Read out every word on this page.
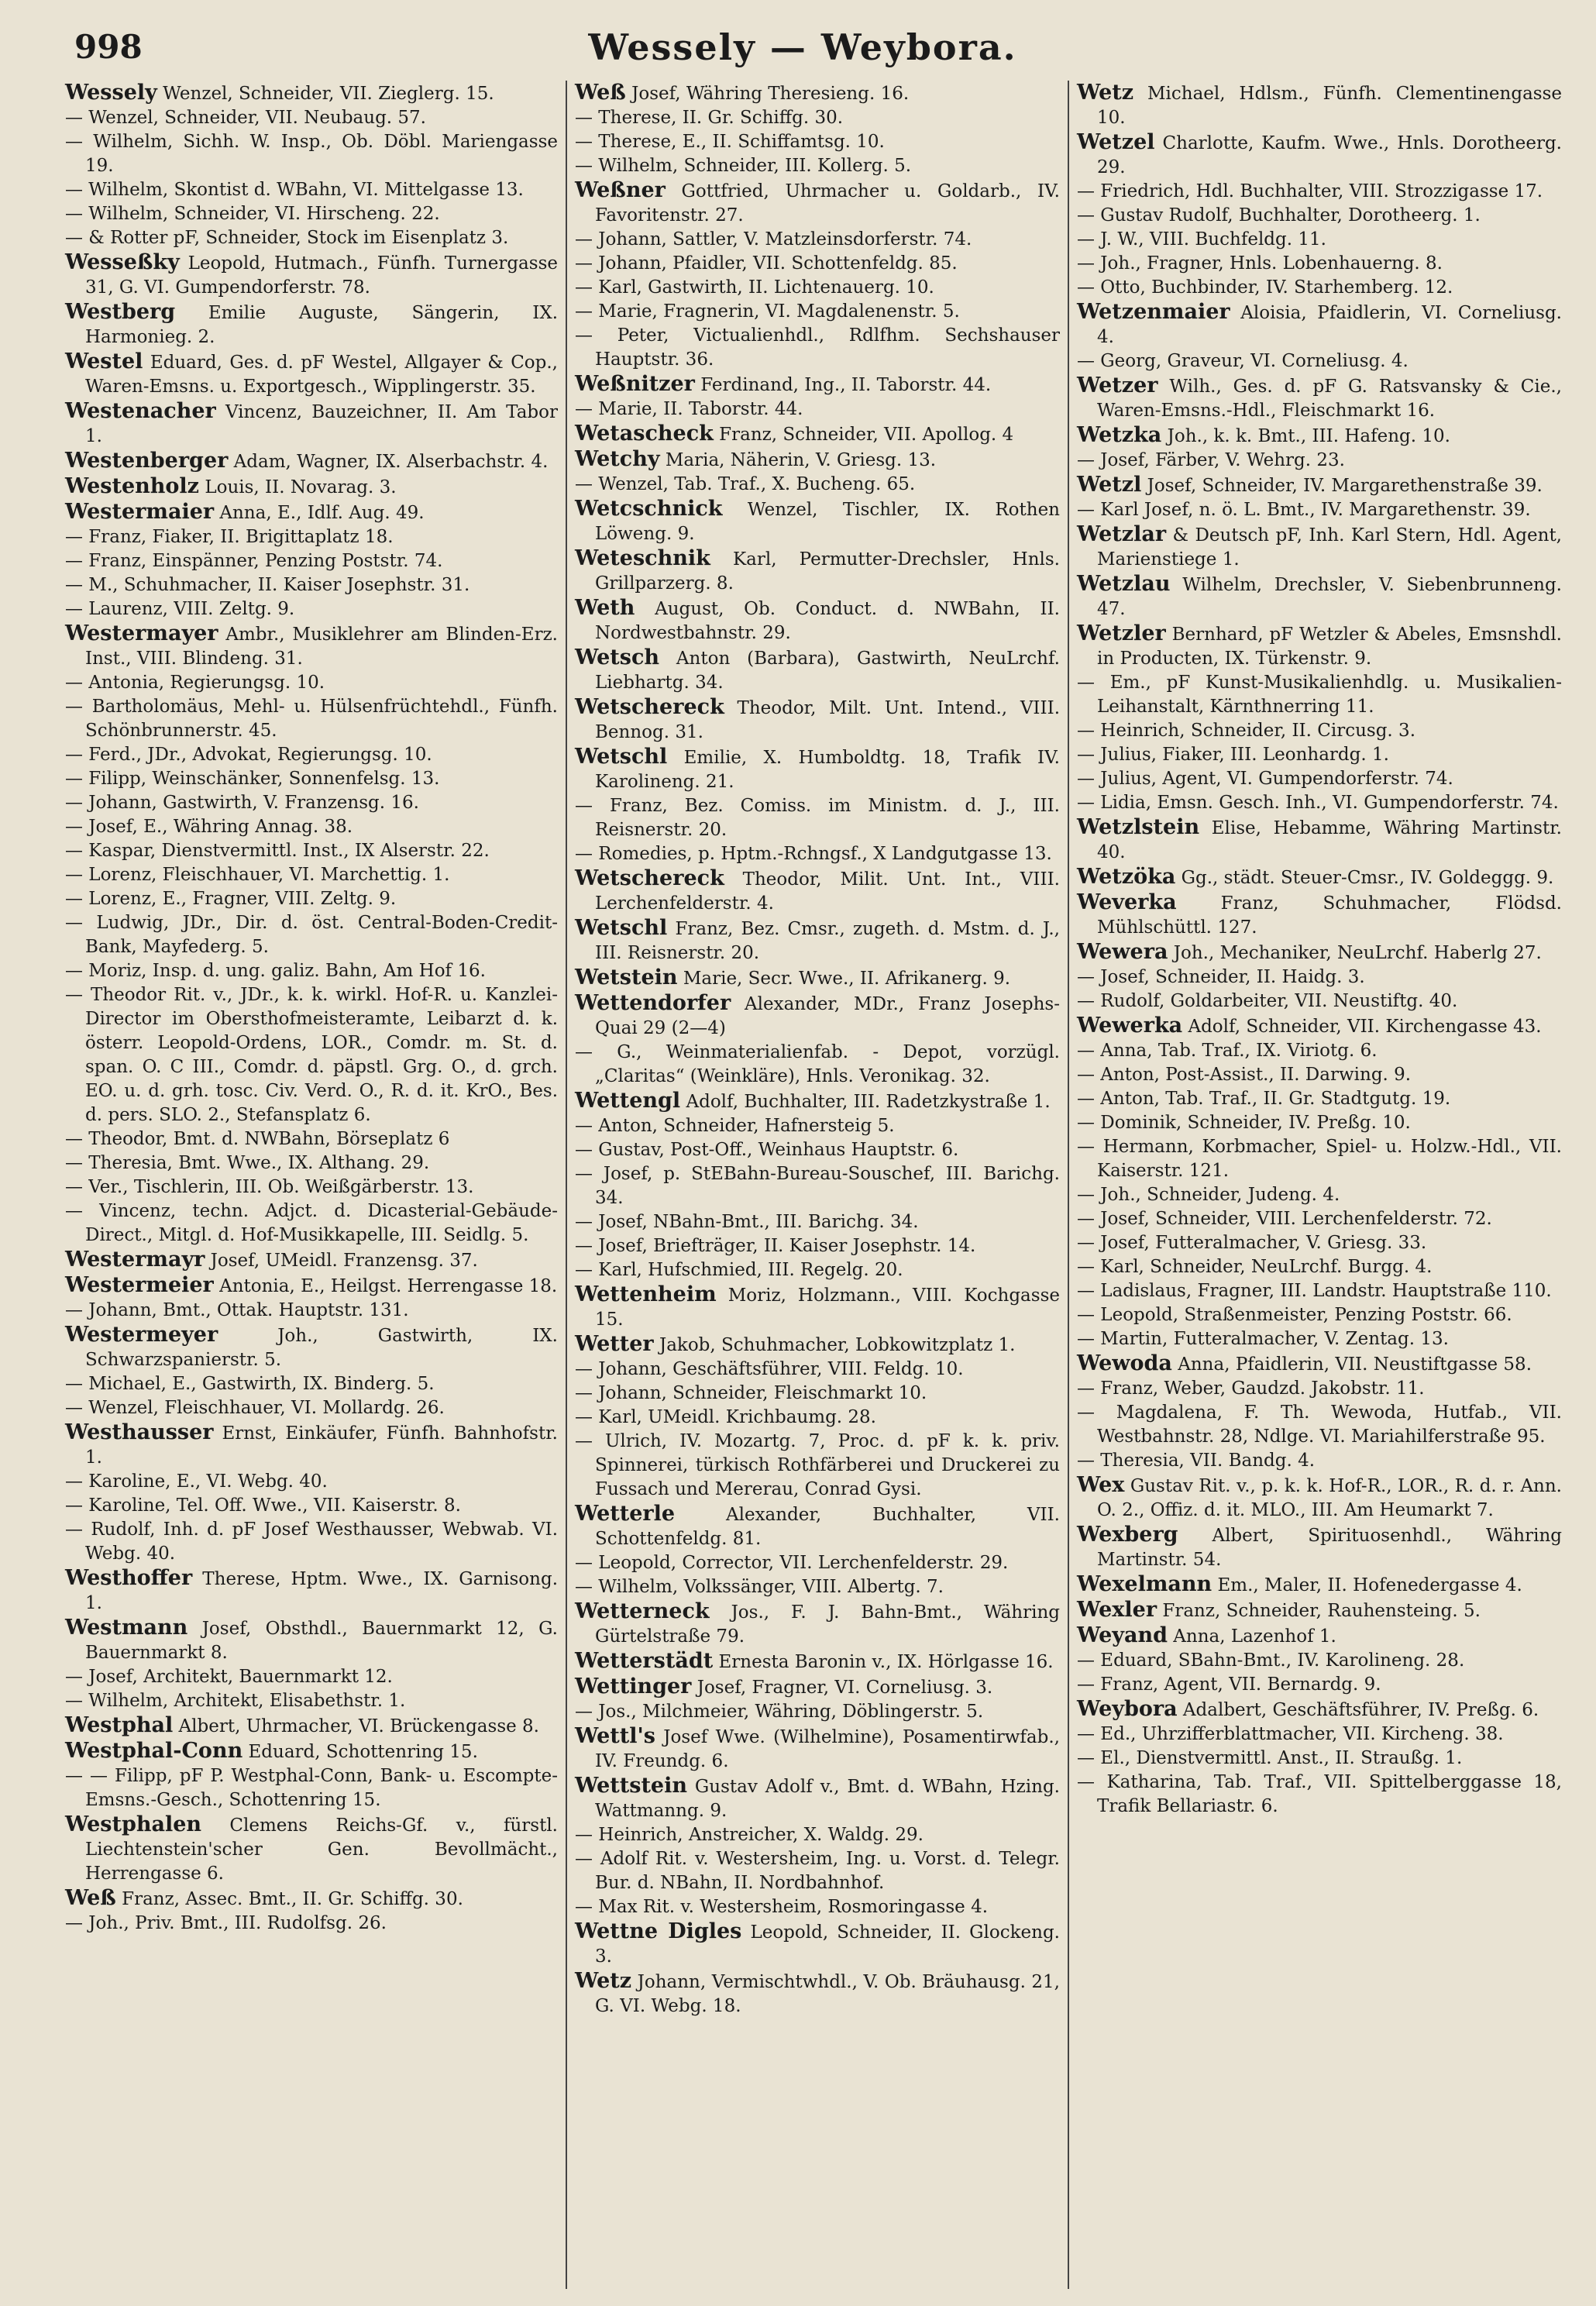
998	Wessely — Weybora.

Wessely Wenzel, Schneider, VII. Zieglerg. 15.

— Wenzel, Schneider, VII. Neubaug. 57.

— Wilhelm, Sichh. W. Insp., Ob. Döbl. Mariengasse 19.

— Wilhelm, Skontist d. WBahn, VI. Mittelgasse 13.

— Wilhelm, Schneider, VI. Hirscheng. 22.

— & Rotter pF, Schneider, Stock im Eisenplatz 3.

Wesseßky Leopold, Hutmach., Fünfh. Turnergasse 31, G. VI. Gumpendorferstr. 78.

Westberg Emilie Auguste, Sängerin, IX. Harmonieg. 2.

Westel Eduard, Ges. d. pF Westel, Allgayer & Cop., Waren-Emsns. u. Exportgesch., Wipplingerstr. 35.

Westenacher Vincenz, Bauzeichner, II. Am Tabor 1.

Westenberger Adam, Wagner, IX. Alserbachstr. 4.

Westenholz Louis, II. Novarag. 3.

Westermaier Anna, E., Idlf. Aug. 49.

— Franz, Fiaker, II. Brigittaplatz 18.

— Franz, Einspänner, Penzing Poststr. 74.

— M., Schuhmacher, II. Kaiser Josephstr. 31.

— Laurenz, VIII. Zeltg. 9.

Westermayer Ambr., Musiklehrer am Blinden-Erz. Inst., VIII. Blindeng. 31.

— Antonia, Regierungsg. 10.

— Bartholomäus, Mehl- u. Hülsenfrüchtehdl., Fünfh. Schönbrunnerstr. 45.

— Ferd., JDr., Advokat, Regierungsg. 10.

— Filipp, Weinschänker, Sonnenfelsg. 13.

— Johann, Gastwirth, V. Franzensg. 16.

— Josef, E., Währing Annag. 38.

— Kaspar, Dienstvermittl. Inst., IX Alserstr. 22.

— Lorenz, Fleischhauer, VI. Marchettig. 1.

— Lorenz, E., Fragner, VIII. Zeltg. 9.

— Ludwig, JDr., Dir. d. öst. Central-Boden-Credit-Bank, Mayfederg. 5.

— Moriz, Insp. d. ung. galiz. Bahn, Am Hof 16.

— Theodor Rit. v., JDr., k. k. wirkl. Hof-R. u. Kanzlei-Director im Obersthofmeisteramte, Leibarzt d. k. österr. Leopold-Ordens, LOR., Comdr. m. St. d. span. O. C III., Comdr. d. päpstl. Grg. O., d. grch. EO. u. d. grh. tosc. Civ. Verd. O., R. d. it. KrO., Bes. d. pers. SLO. 2., Stefansplatz 6.

— Theodor, Bmt. d. NWBahn, Börseplatz 6

— Theresia, Bmt. Wwe., IX. Althang. 29.

— Ver., Tischlerin, III. Ob. Weißgärberstr. 13.

— Vincenz, techn. Adjct. d. Dicasterial-Gebäude-Direct., Mitgl. d. Hof-Musikkapelle, III. Seidlg. 5.

Westermayr Josef, UMeidl. Franzensg. 37.

Westermeier Antonia, E., Heilgst. Herrengasse 18.

— Johann, Bmt., Ottak. Hauptstr. 131.

Westermeyer Joh., Gastwirth, IX. Schwarzspanierstr. 5.

— Michael, E., Gastwirth, IX. Binderg. 5.

— Wenzel, Fleischhauer, VI. Mollardg. 26.

Westhausser Ernst, Einkäufer, Fünfh. Bahnhofstr. 1.

— Karoline, E., VI. Webg. 40.

— Karoline, Tel. Off. Wwe., VII. Kaiserstr. 8.

— Rudolf, Inh. d. pF Josef Westhausser, Webwab. VI. Webg. 40.

Westhoffer Therese, Hptm. Wwe., IX. Garnisong. 1.

Westmann Josef, Obsthdl., Bauernmarkt 12, G. Bauernmarkt 8.

— Josef, Architekt, Bauernmarkt 12.

— Wilhelm, Architekt, Elisabethstr. 1.

Westphal Albert, Uhrmacher, VI. Brückengasse 8.

Westphal-Conn Eduard, Schottenring 15.

— — Filipp, pF P. Westphal-Conn, Bank- u. Escompte-Emsns.-Gesch., Schottenring 15.

Westphalen Clemens Reichs-Gf. v., fürstl. Liechtenstein'scher Gen. Bevollmächt., Herrengasse 6.

Weß Franz, Assec. Bmt., II. Gr. Schiffg. 30.

— Joh., Priv. Bmt., III. Rudolfsg. 26.

Weß Josef, Währing Theresieng. 16.

— Therese, II. Gr. Schiffg. 30.

— Therese, E., II. Schiffamtsg. 10.

— Wilhelm, Schneider, III. Kollerg. 5.

Weßner Gottfried, Uhrmacher u. Goldarb., IV. Favoritenstr. 27.

— Johann, Sattler, V. Matzleinsdorferstr. 74.

— Johann, Pfaidler, VII. Schottenfeldg. 85.

— Karl, Gastwirth, II. Lichtenauerg. 10.

— Marie, Fragnerin, VI. Magdalenenstr. 5.

— Peter, Victualienhdl., Rdlfhm. Sechshauser Hauptstr. 36.

Weßnitzer Ferdinand, Ing., II. Taborstr. 44.

— Marie, II. Taborstr. 44.

Wetascheck Franz, Schneider, VII. Apollog. 4

Wetchy Maria, Näherin, V. Griesg. 13.

— Wenzel, Tab. Traf., X. Bucheng. 65.

Wetcschnick Wenzel, Tischler, IX. Rothen Löweng. 9.

Weteschnik Karl, Permutter-Drechsler, Hnls. Grillparzerg. 8.

Weth August, Ob. Conduct. d. NWBahn, II. Nordwestbahnstr. 29.

Wetsch Anton (Barbara), Gastwirth, NeuLrchf. Liebhartg. 34.

Wetschereck Theodor, Milt. Unt. Intend., VIII. Bennog. 31.

Wetschl Emilie, X. Humboldtg. 18, Trafik IV. Karolineng. 21.

— Franz, Bez. Comiss. im Ministm. d. J., III. Reisnerstr. 20.

— Romedies, p. Hptm.-Rchngsf., X Landgutgasse 13.

Wetschereck Theodor, Milit. Unt. Int., VIII. Lerchenfelderstr. 4.

Wetschl Franz, Bez. Cmsr., zugeth. d. Mstm. d. J., III. Reisnerstr. 20.

Wetstein Marie, Secr. Wwe., II. Afrikanerg. 9.

Wettendorfer Alexander, MDr., Franz Josephs-Quai 29 (2—4)

— G., Weinmaterialienfab. - Depot, vorzügl. „Claritas“ (Weinkläre), Hnls. Veronikag. 32.

Wettengl Adolf, Buchhalter, III. Radetzkystraße 1.

— Anton, Schneider, Hafnersteig 5.

— Gustav, Post-Off., Weinhaus Hauptstr. 6.

— Josef, p. StEBahn-Bureau-Souschef, III. Barichg. 34.

— Josef, NBahn-Bmt., III. Barichg. 34.

— Josef, Briefträger, II. Kaiser Josephstr. 14.

— Karl, Hufschmied, III. Regelg. 20.

Wettenheim Moriz, Holzmann., VIII. Kochgasse 15.

Wetter Jakob, Schuhmacher, Lobkowitzplatz 1.

— Johann, Geschäftsführer, VIII. Feldg. 10.

— Johann, Schneider, Fleischmarkt 10.

— Karl, UMeidl. Krichbaumg. 28.

— Ulrich, IV. Mozartg. 7, Proc. d. pF k. k. priv. Spinnerei, türkisch Rothfärberei und Druckerei zu Fussach und Mererau, Conrad Gysi.

Wetterle Alexander, Buchhalter, VII. Schottenfeldg. 81.

— Leopold, Corrector, VII. Lerchenfelderstr. 29.

— Wilhelm, Volkssänger, VIII. Albertg. 7.

Wetterneck Jos., F. J. Bahn-Bmt., Währing Gürtelstraße 79.

Wetterstädt Ernesta Baronin v., IX. Hörlgasse 16.

Wettinger Josef, Fragner, VI. Corneliusg. 3.

— Jos., Milchmeier, Währing, Döblingerstr. 5.

Wettl's Josef Wwe. (Wilhelmine), Posamentirwfab., IV. Freundg. 6.

Wettstein Gustav Adolf v., Bmt. d. WBahn, Hzing. Wattmanng. 9.

— Heinrich, Anstreicher, X. Waldg. 29.

— Adolf Rit. v. Westersheim, Ing. u. Vorst. d. Telegr. Bur. d. NBahn, II. Nordbahnhof.

— Max Rit. v. Westersheim, Rosmoringasse 4.

Wettne Digles Leopold, Schneider, II. Glockeng. 3.

Wetz Johann, Vermischtwhdl., V. Ob. Bräuhausg. 21, G. VI. Webg. 18.

Wetz Michael, Hdlsm., Fünfh. Clementinengasse 10.

Wetzel Charlotte, Kaufm. Wwe., Hnls. Dorotheerg. 29.

— Friedrich, Hdl. Buchhalter, VIII. Strozzigasse 17.

— Gustav Rudolf, Buchhalter, Dorotheerg. 1.

— J. W., VIII. Buchfeldg. 11.

— Joh., Fragner, Hnls. Lobenhauerng. 8.

— Otto, Buchbinder, IV. Starhemberg. 12.

Wetzenmaier Aloisia, Pfaidlerin, VI. Corneliusg. 4.

— Georg, Graveur, VI. Corneliusg. 4.

Wetzer Wilh., Ges. d. pF G. Ratsvansky & Cie., Waren-Emsns.-Hdl., Fleischmarkt 16.

Wetzka Joh., k. k. Bmt., III. Hafeng. 10.

— Josef, Färber, V. Wehrg. 23.

Wetzl Josef, Schneider, IV. Margarethenstraße 39.

— Karl Josef, n. ö. L. Bmt., IV. Margarethenstr. 39.

Wetzlar & Deutsch pF, Inh. Karl Stern, Hdl. Agent, Marienstiege 1.

Wetzlau Wilhelm, Drechsler, V. Siebenbrunneng. 47.

Wetzler Bernhard, pF Wetzler & Abeles, Emsnshdl. in Producten, IX. Türkenstr. 9.

— Em., pF Kunst-Musikalienhdlg. u. Musikalien-Leihanstalt, Kärnthnerring 11.

— Heinrich, Schneider, II. Circusg. 3.

— Julius, Fiaker, III. Leonhardg. 1.

— Julius, Agent, VI. Gumpendorferstr. 74.

— Lidia, Emsn. Gesch. Inh., VI. Gumpendorferstr. 74.

Wetzlstein Elise, Hebamme, Währing Martinstr. 40.

Wetzöka Gg., städt. Steuer-Cmsr., IV. Goldeggg. 9.

Weverka Franz, Schuhmacher, Flödsd. Mühlschüttl. 127.

Wewera Joh., Mechaniker, NeuLrchf. Haberlg 27.

— Josef, Schneider, II. Haidg. 3.

— Rudolf, Goldarbeiter, VII. Neustiftg. 40.

Wewerka Adolf, Schneider, VII. Kirchengasse 43.

— Anna, Tab. Traf., IX. Viriotg. 6.

— Anton, Post-Assist., II. Darwing. 9.

— Anton, Tab. Traf., II. Gr. Stadtgutg. 19.

— Dominik, Schneider, IV. Preßg. 10.

— Hermann, Korbmacher, Spiel- u. Holzw.-Hdl., VII. Kaiserstr. 121.

— Joh., Schneider, Judeng. 4.

— Josef, Schneider, VIII. Lerchenfelderstr. 72.

— Josef, Futteralmacher, V. Griesg. 33.

— Karl, Schneider, NeuLrchf. Burgg. 4.

— Ladislaus, Fragner, III. Landstr. Hauptstraße 110.

— Leopold, Straßenmeister, Penzing Poststr. 66.

— Martin, Futteralmacher, V. Zentag. 13.

Wewoda Anna, Pfaidlerin, VII. Neustiftgasse 58.

— Franz, Weber, Gaudzd. Jakobstr. 11.

— Magdalena, F. Th. Wewoda, Hutfab., VII. Westbahnstr. 28, Ndlge. VI. Mariahilferstraße 95.

— Theresia, VII. Bandg. 4.

Wex Gustav Rit. v., p. k. k. Hof-R., LOR., R. d. r. Ann. O. 2., Offiz. d. it. MLO., III. Am Heumarkt 7.

Wexberg Albert, Spirituosenhdl., Währing Martinstr. 54.

Wexelmann Em., Maler, II. Hofenedergasse 4.

Wexler Franz, Schneider, Rauhensteing. 5.

Weyand Anna, Lazenhof 1.

— Eduard, SBahn-Bmt., IV. Karolineng. 28.

— Franz, Agent, VII. Bernardg. 9.

Weybora Adalbert, Geschäftsführer, IV. Preßg. 6.

— Ed., Uhrzifferblattmacher, VII. Kircheng. 38.

— El., Dienstvermittl. Anst., II. Straußg. 1.

— Katharina, Tab. Traf., VII. Spittelberggasse 18, Trafik Bellariastr. 6.
